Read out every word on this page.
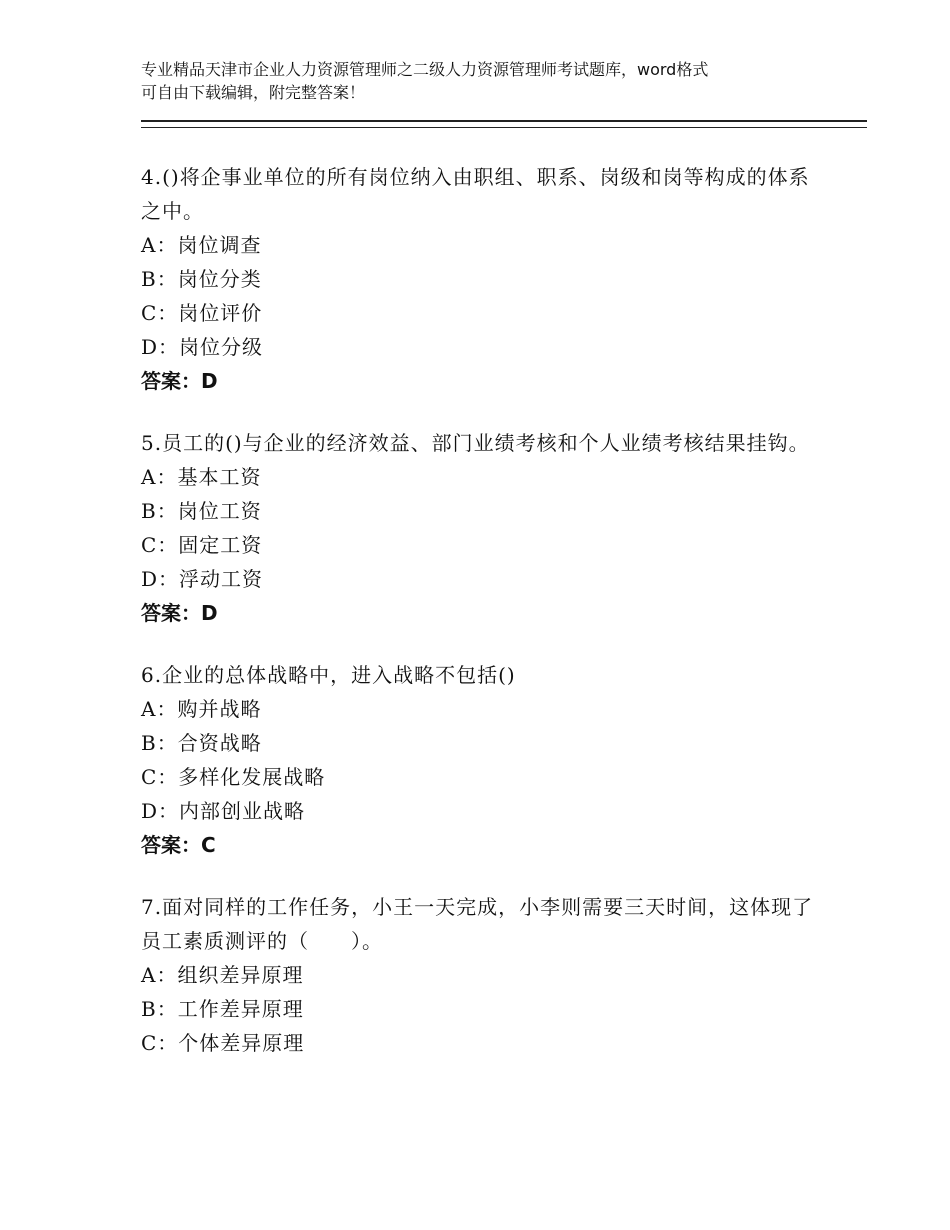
专业精品天津市企业人力资源管理师之二级人力资源管理师考试题库，word格式
可自由下载编辑，附完整答案！
4.()将企事业单位的所有岗位纳入由职组、职系、岗级和岗等构成的体系之中。
A：岗位调查
B：岗位分类
C：岗位评价
D：岗位分级
答案：D
5.员工的()与企业的经济效益、部门业绩考核和个人业绩考核结果挂钩。
A：基本工资
B：岗位工资
C：固定工资
D：浮动工资
答案：D
6.企业的总体战略中，进入战略不包括()
A：购并战略
B：合资战略
C：多样化发展战略
D：内部创业战略
答案：C
7.面对同样的工作任务，小王一天完成，小李则需要三天时间，这体现了员工素质测评的（　　）。
A：组织差异原理
B：工作差异原理
C：个体差异原理
